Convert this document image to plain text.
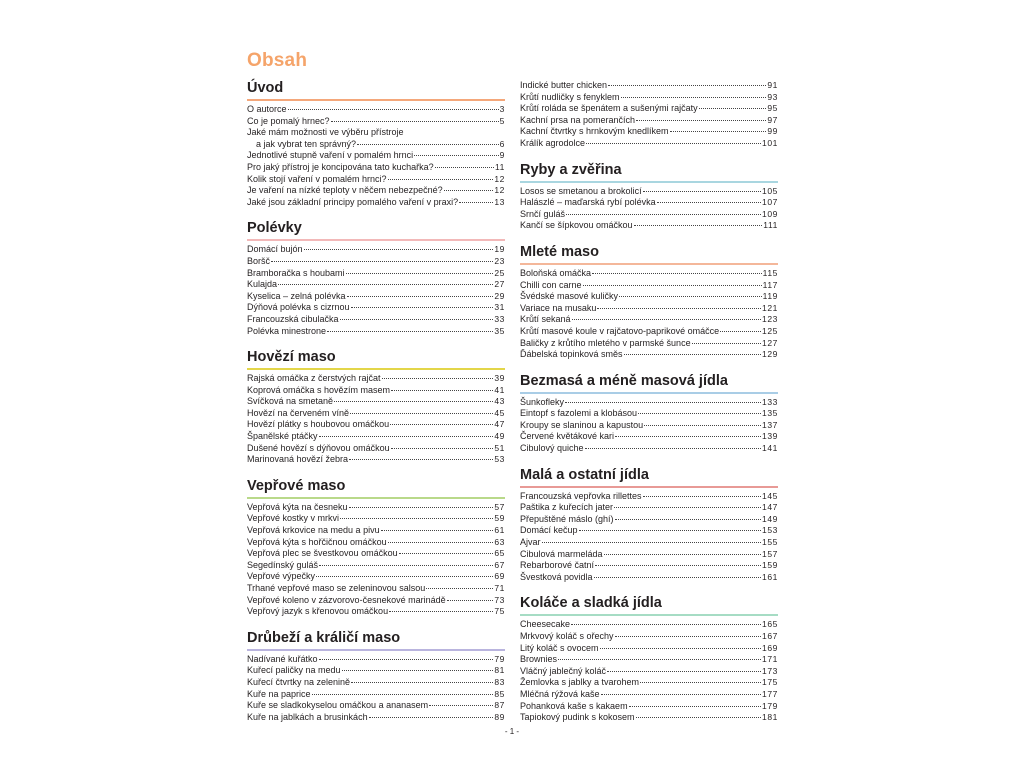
Obsah
Úvod
O autorce	3
Co je pomalý hrnec?	5
Jaké mám možnosti ve výběru přístroje
a jak vybrat ten správný?	6
Jednotlivé stupně vaření v pomalém hrnci	9
Pro jaký přístroj je koncipována tato kuchařka?	11
Kolik stojí vaření v pomalém hrnci?	12
Je vaření na nízké teploty v něčem nebezpečné?	12
Jaké jsou základní principy pomalého vaření v praxi?	13
Polévky
Domácí bujón	19
Boršč	23
Bramboračka s houbami	25
Kulajda	27
Kyselica – zelná polévka	29
Dýňová polévka s cizrnou	31
Francouzská cibulačka	33
Polévka minestrone	35
Hovězí maso
Rajská omáčka z čerstvých rajčat	39
Koprová omáčka s hovězím masem	41
Svíčková na smetaně	43
Hovězí na červeném víně	45
Hovězí plátky s houbovou omáčkou	47
Španělské ptáčky	49
Dušené hovězí s dýňovou omáčkou	51
Marinovaná hovězí žebra	53
Vepřové maso
Vepřová kýta na česneku	57
Vepřové kostky v mrkvi	59
Vepřová krkovice na medu a pivu	61
Vepřová kýta s hořčičnou omáčkou	63
Vepřová plec se švestkovou omáčkou	65
Segedínský guláš	67
Vepřové výpečky	69
Trhané vepřové maso se zeleninovou salsou	71
Vepřové koleno v zázvorovo-česnekové marinádě	73
Vepřový jazyk s křenovou omáčkou	75
Drůbeží a králičí maso
Nadívané kuřátko	79
Kuřecí paličky na medu	81
Kuřecí čtvrtky na zelenině	83
Kuře na paprice	85
Kuře se sladkokyselou omáčkou a ananasem	87
Kuře na jablkách a brusinkách	89
Indické butter chicken	91
Krůtí nudličky s fenyklem	93
Krůtí roláda se špenátem a sušenými rajčaty	95
Kachní prsa na pomerančích	97
Kachní čtvrtky s hrnkovým knedlíkem	99
Králík agrodolce	101
Ryby a zvěřina
Losos se smetanou a brokolicí	105
Halászlé – maďarská rybí polévka	107
Srnčí guláš	109
Kančí se šípkovou omáčkou	111
Mleté maso
Boloňská omáčka	115
Chilli con carne	117
Švédské masové kuličky	119
Variace na musaku	121
Krůtí sekaná	123
Krůtí masové koule v rajčatovo-paprikové omáčce	125
Baličky z krůtího mletého v parmské šunce	127
Ďábelská topinková směs	129
Bezmasá a méně masová jídla
Šunkofleky	133
Eintopf s fazolemi a klobásou	135
Kroupy se slaninou a kapustou	137
Červené květákové kari	139
Cibulový quiche	141
Malá a ostatní jídla
Francouzská vepřovka rillettes	145
Paštika z kuřecích jater	147
Přepuštěné máslo (ghí)	149
Domácí kečup	153
Ajvar	155
Cibulová marmeláda	157
Rebarborové čatní	159
Švestková povidla	161
Koláče a sladká jídla
Cheesecake	165
Mrkvový koláč s ořechy	167
Litý koláč s ovocem	169
Brownies	171
Vláčný jablečný koláč	173
Žemlovka s jablky a tvarohem	175
Mléčná rýžová kaše	177
Pohanková kaše s kakaem	179
Tapiokový pudink s kokosem	181
- 1 -
